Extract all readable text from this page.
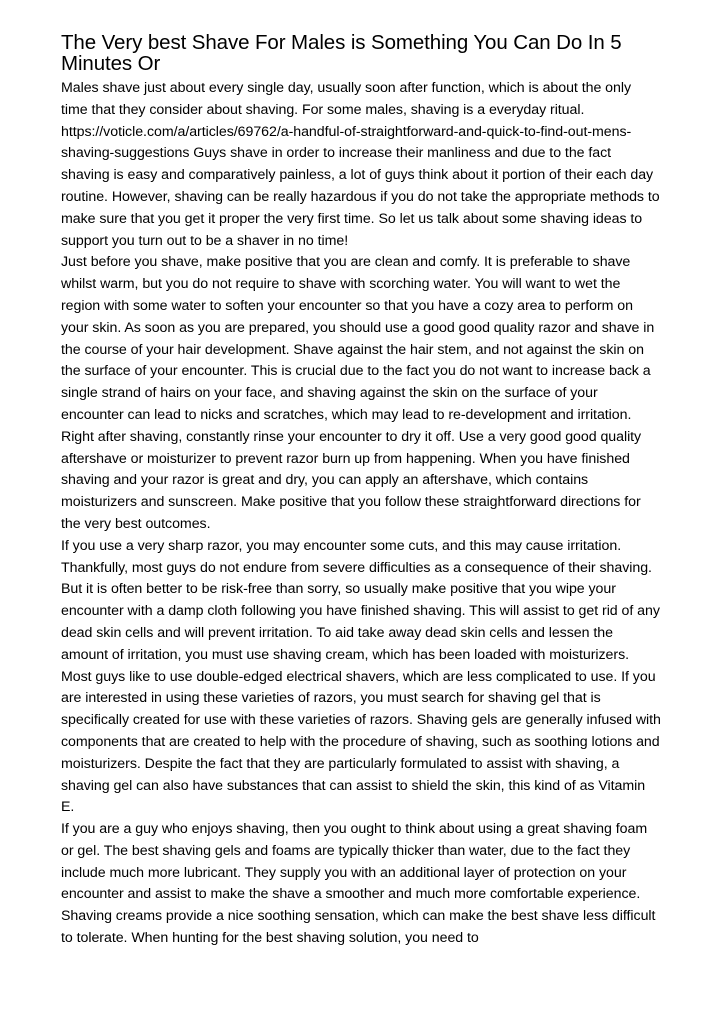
The Very best Shave For Males is Something You Can Do In 5 Minutes Or

Males shave just about every single day, usually soon after function, which is about the only time that they consider about shaving. For some males, shaving is a everyday ritual. https://voticle.com/a/articles/69762/a-handful-of-straightforward-and-quick-to-find-out-mens-shaving-suggestions Guys shave in order to increase their manliness and due to the fact shaving is easy and comparatively painless, a lot of guys think about it portion of their each day routine. However, shaving can be really hazardous if you do not take the appropriate methods to make sure that you get it proper the very first time. So let us talk about some shaving ideas to support you turn out to be a shaver in no time!

Just before you shave, make positive that you are clean and comfy. It is preferable to shave whilst warm, but you do not require to shave with scorching water. You will want to wet the region with some water to soften your encounter so that you have a cozy area to perform on your skin. As soon as you are prepared, you should use a good good quality razor and shave in the course of your hair development. Shave against the hair stem, and not against the skin on the surface of your encounter. This is crucial due to the fact you do not want to increase back a single strand of hairs on your face, and shaving against the skin on the surface of your encounter can lead to nicks and scratches, which may lead to re-development and irritation.

Right after shaving, constantly rinse your encounter to dry it off. Use a very good good quality aftershave or moisturizer to prevent razor burn up from happening. When you have finished shaving and your razor is great and dry, you can apply an aftershave, which contains moisturizers and sunscreen. Make positive that you follow these straightforward directions for the very best outcomes.

If you use a very sharp razor, you may encounter some cuts, and this may cause irritation. Thankfully, most guys do not endure from severe difficulties as a consequence of their shaving. But it is often better to be risk-free than sorry, so usually make positive that you wipe your encounter with a damp cloth following you have finished shaving. This will assist to get rid of any dead skin cells and will prevent irritation. To aid take away dead skin cells and lessen the amount of irritation, you must use shaving cream, which has been loaded with moisturizers.

Most guys like to use double-edged electrical shavers, which are less complicated to use. If you are interested in using these varieties of razors, you must search for shaving gel that is specifically created for use with these varieties of razors. Shaving gels are generally infused with components that are created to help with the procedure of shaving, such as soothing lotions and moisturizers. Despite the fact that they are particularly formulated to assist with shaving, a shaving gel can also have substances that can assist to shield the skin, this kind of as Vitamin E.

If you are a guy who enjoys shaving, then you ought to think about using a great shaving foam or gel. The best shaving gels and foams are typically thicker than water, due to the fact they include much more lubricant. They supply you with an additional layer of protection on your encounter and assist to make the shave a smoother and much more comfortable experience. Shaving creams provide a nice soothing sensation, which can make the best shave less difficult to tolerate. When hunting for the best shaving solution, you need to
